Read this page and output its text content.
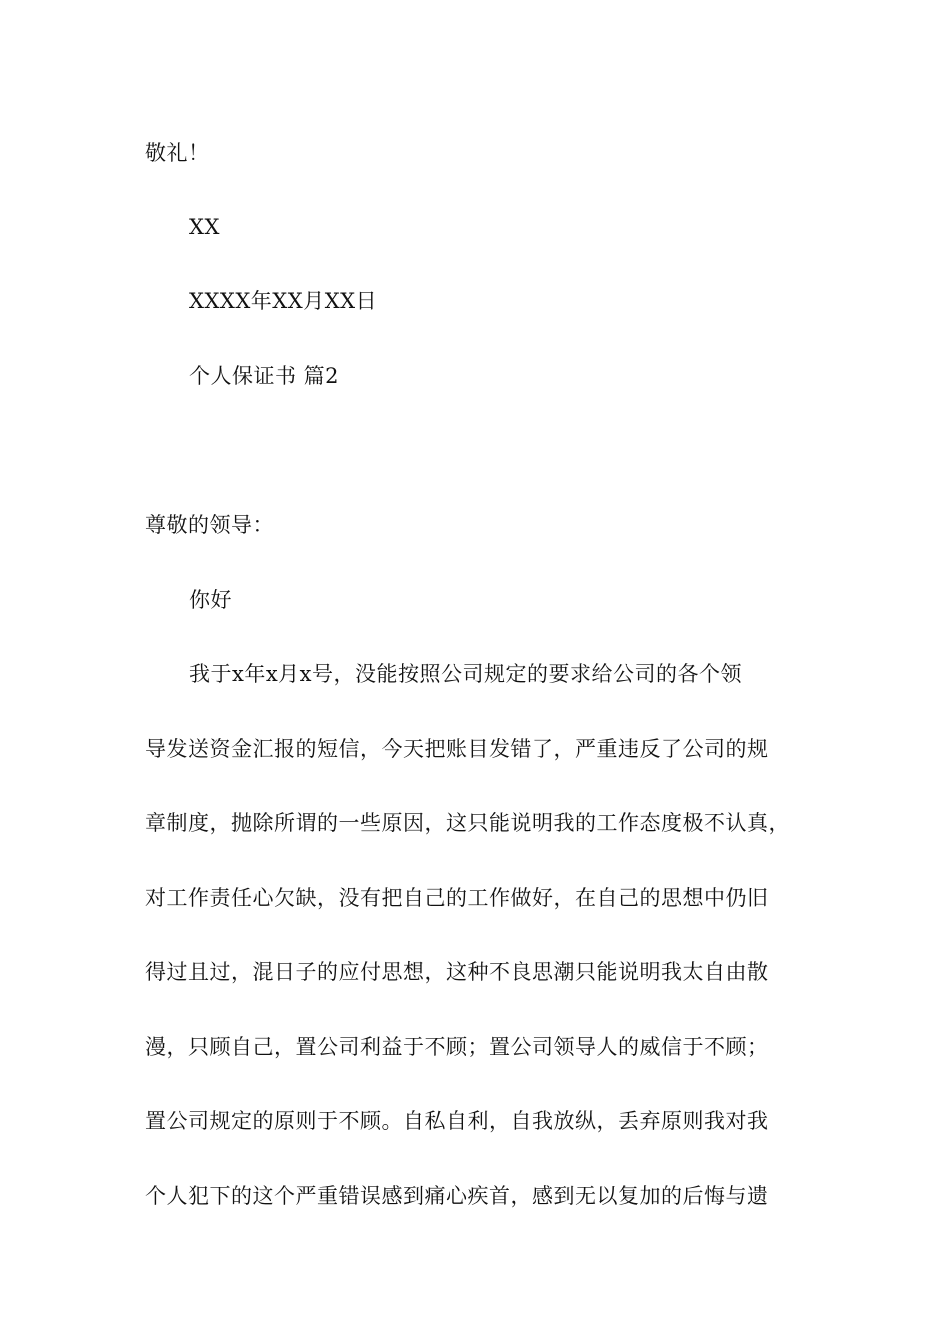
敬礼！
XX
XXXX年XX月XX日
个人保证书 篇2
尊敬的领导：
你好
我于x年x月x号，没能按照公司规定的要求给公司的各个领
导发送资金汇报的短信，今天把账目发错了，严重违反了公司的规
章制度，抛除所谓的一些原因，这只能说明我的工作态度极不认真，
对工作责任心欠缺，没有把自己的工作做好，在自己的思想中仍旧
得过且过，混日子的应付思想，这种不良思潮只能说明我太自由散
漫，只顾自己，置公司利益于不顾；置公司领导人的威信于不顾；
置公司规定的原则于不顾。自私自利，自我放纵，丢弃原则我对我
个人犯下的这个严重错误感到痛心疾首，感到无以复加的后悔与遗
